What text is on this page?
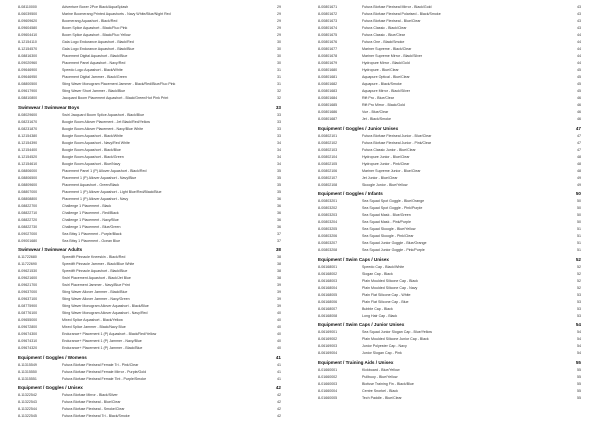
8-08110000	Adventure Boxer 2Pce Black/AquaSplash	29
8-06039500	Marine Boomerang Printed Aquashorts - Navy White/Blue/Night Red	29
8-09609620	Boomerang Aquashort - Black/Red	29
8-09604580	Boom Splice Aquashort - Black/Fluo Pink	29
8-09604410	Boom Splice Aquashort - Black/Fluo Yellow	29
8-12154110	Gala Logo Endurance Aquashort - Black/Red	30
8-12154570	Gala Logo Endurance Aquashort - Black/Blue	30
8-08816300	Placement Digital Aquashort - Black/Blue	30
8-09020960	Placement Panel Aquashort - Navy/Red	30
8-09646900	Speedo Logo Aquashort - Black/White	31
8-09646950	Placement Digital Jammer - Black/Green	31
8-08800500	Sting Waver Monogram Placement Jammer - Black/Red/Blue/Fluo Pink	31
8-09617900	Sting Waver Short Jammer - Black/Blue	32
8-08810800	Jacquard Boom Placement Aquashort - Black/Green/Hot Pink Print	32
Swimwear / Swimwear Boys	33
8-08029600	Swirl Jacquard Boom Splice Aquashort - Black/Blue	33
8-08231670	Boogie Boom Allover Placement - Jet Black/Red/Yellow	33
8-08231870	Boogie Boom Allover Placement - Navy/Blue White	33
8-12154380	Boogie Boom Aquashort - Black/White	33
8-12154390	Boogie Boom Aquashort - Navy/Red White	34
8-12154400	Boogie Boom Aquashort - Black/Blue	34
8-12154520	Boogie Boom Aquashort - Black/Green	34
8-12154610	Boogie Boom Aquashort - Blue/Navy	34
8-08806000	Placement Panel 1 (P) Allover Aquashort - Black/Red	35
8-08806500	Placement 1 (P) Allover Aquashort - Navy/Blue	35
8-08809600	Placement Aquashort - Green/Black	35
8-08807000	Placement 1 (P) Allover Aquashort - Light Blue/Red/Black/Blue	35
8-08808800	Placement 1 (P) Allover Aquashort - Navy	36
8-08822700	Challenge 1 Placement - Black	36
8-08822710	Challenge 1 Placement - Red/Black	36
8-08822720	Challenge 1 Placement - Navy/Blue	36
8-08822730	Challenge 1 Placement - Blue/Green	36
8-09027000	Sea Bitsy 1 Placement - Purple/Black	37
8-09001680	Sea Bitsy 1 Placement - Ocean Blue	37
Swimwear / Swimwear Adults	38
8-11722680	Speedfit Pinnacle Kneeskin - Black/Red	38
8-11722690	Speedfit Pinnacle Jammer - Black/Blue White	38
8-09621530	Speedfit Pinnacle Aquashort - Black/Blue	38
8-09621600	Swirl Placement Aquashort - Black/Jet Blue	38
8-09621700	Swirl Placement Jammer - Navy/Blue Print	39
8-09637000	Sting Waver Allover Jammer - Black/Blue	39
8-09637100	Sting Waver Allover Jammer - Navy/Green	39
8-08775900	Sting Waver Monogram Allover Aquashort - Black/Blue	39
8-08776100	Sting Waver Monogram Allover Aquashort - Navy/Red	40
8-09655000	Mixed Splice Aquashort - Black/Yellow	40
8-09672800	Mixed Splice Jammer - Black/Navy Blue	40
8-09674300	Endurance+ Placement 1 (P) Aquashort - Black/Red/Yellow	40
8-09674310	Endurance+ Placement 1 (P) Jammer - Navy/Blue	40
8-09674320	Endurance+ Placement 1 (P) Jammer - Black/Blue	40
Equipment / Goggles / Womens	41
8-11315549	Futura Biofuse Flexiseal Female Tri - Pink/Clear	41
8-11315550	Futura Biofuse Flexiseal Female Mirror - Purple/Gold	41
8-11315551	Futura Biofuse Flexiseal Female Tint - Purple/Smoke	41
Equipment / Goggles / Unisex	42
8-11322542	Futura Biofuse Mirror - Black/Silver	42
8-11322543	Futura Biofuse Flexiseal - Blue/Clear	42
8-11322544	Futura Biofuse Flexiseal - Smoke/Clear	42
8-11322545	Futura Biofuse Flexiseal Tri - Black/Smoke	42
8-00801671	Futura Biofuse Flexiseal Mirror - Black/Gold	43
8-00801672	Futura Biofuse Flexiseal Polarised - Black/Smoke	43
8-00801673	Futura Biofuse Flexiseal - Blue/Clear	43
8-00801674	Futura Classic - Black/Clear	43
8-00801675	Futura Classic - Blue/Clear	44
8-00801676	Futura One - Black/Smoke	44
8-00801677	Mariner Supreme - Black/Clear	44
8-00801678	Mariner Supreme Mirror - Black/Silver	44
8-00801679	Hydropure Mirror - Black/Gold	44
8-00801680	Hydropure - Blue/Clear	45
8-00801681	Aquapure Optical - Blue/Clear	45
8-00801682	Aquapure - Black/Smoke	45
8-00801683	Aquapure Mirror - Black/Silver	45
8-00801684	Rift Pro - Blue/Clear	46
8-00801685	Rift Pro Mirror - Black/Gold	46
8-00801686	Vue - Blue/Clear	46
8-00801687	Jet - Black/Smoke	46
Equipment / Goggles / Junior Unisex	47
8-00802101	Futura Biofuse Flexiseal Junior - Blue/Clear	47
8-00802102	Futura Biofuse Flexiseal Junior - Pink/Clear	47
8-00802103	Futura Classic Junior - Blue/Clear	47
8-00802104	Hydropure Junior - Blue/Clear	48
8-00802105	Hydropure Junior - Pink/Clear	48
8-00802106	Mariner Supreme Junior - Blue/Clear	48
8-00802107	Jet Junior - Blue/Clear	49
8-00802108	Skoogle Junior - Blue/Yellow	49
Equipment / Goggles / Infants	50
8-00803201	Sea Squad Spot Goggle - Blue/Orange	50
8-00803202	Sea Squad Spot Goggle - Pink/Purple	50
8-00803203	Sea Squad Mask - Blue/Green	50
8-00803204	Sea Squad Mask - Pink/Purple	50
8-00803205	Sea Squad Skoogle - Blue/Yellow	51
8-00803206	Sea Squad Skoogle - Pink/Clear	51
8-00803207	Sea Squad Junior Goggle - Blue/Orange	51
8-00803208	Sea Squad Junior Goggle - Pink/Purple	51
Equipment / Swim Caps / Unisex	52
8-06168001	Speedo Cap - Black/White	52
8-06168002	Slogan Cap - Black	52
8-06168003	Plain Moulded Silicone Cap - Black	52
8-06168004	Plain Moulded Silicone Cap - Navy	52
8-06168005	Plain Flat Silicone Cap - White	53
8-06168006	Plain Flat Silicone Cap - Blue	53
8-06168007	Bubble Cap - Black	53
8-06168008	Long Hair Cap - Black	53
Equipment / Swim Caps / Junior Unisex	54
8-06169001	Sea Squad Junior Slogan Cap - Blue/Yellow	54
8-06169002	Plain Moulded Silicone Junior Cap - Black	54
8-06169003	Junior Polyester Cap - Navy	54
8-06169004	Junior Slogan Cap - Pink	54
Equipment / Training Aids / Unisex	55
8-01660001	Kickboard - Blue/Yellow	55
8-01660002	Pullbuoy - Blue/Yellow	55
8-01660003	Biofuse Training Fin - Black/Blue	55
8-01660004	Centre Snorkel - Black	55
8-01660005	Tech Paddle - Blue/Clear	55
